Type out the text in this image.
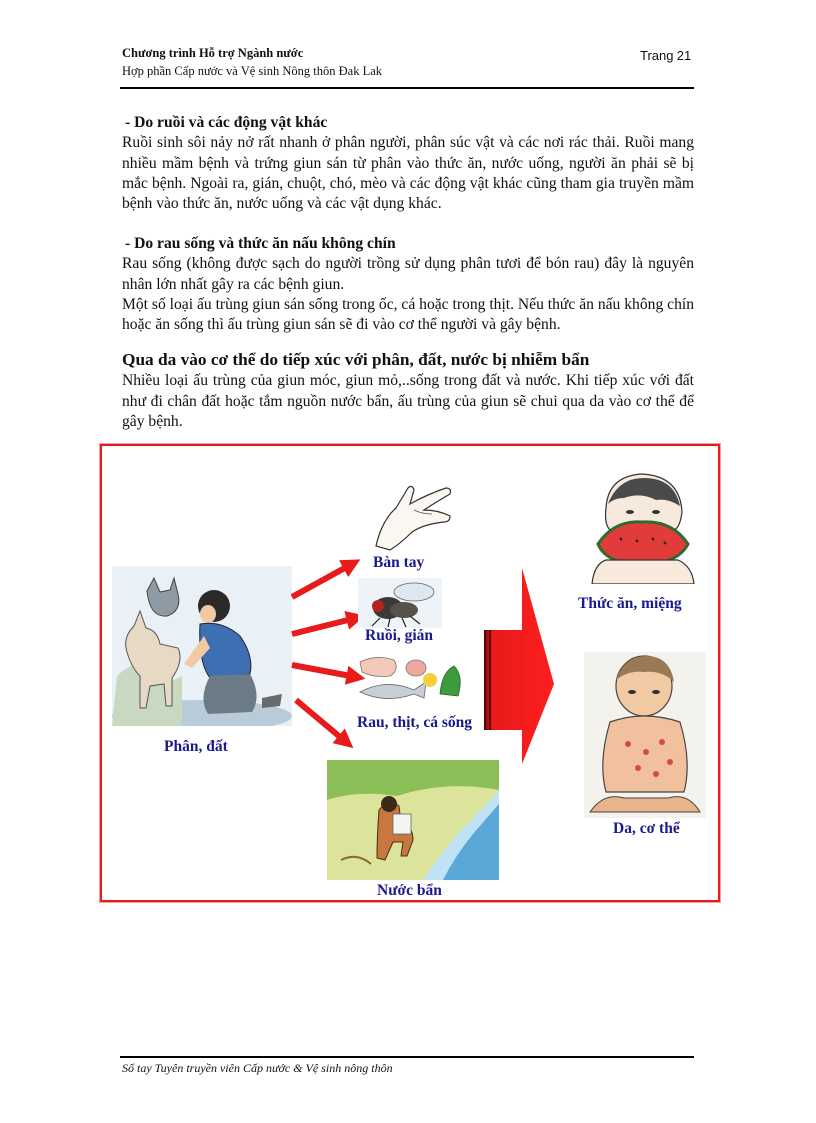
Chương trình Hỗ trợ Ngành nước
Hợp phần Cấp nước và Vệ sinh Nông thôn Đak Lak
Trang 21
- Do ruồi và các động vật khác

Ruồi sinh sôi nảy nở rất nhanh ở phân người, phân súc vật và các nơi rác thải. Ruồi mang nhiều mầm bệnh và trứng giun sán từ phân vào thức ăn, nước uống, người ăn phải sẽ bị mắc bệnh. Ngoài ra, gián, chuột, chó, mèo và các động vật khác cũng tham gia truyền mầm bệnh vào thức ăn, nước uống và các vật dụng khác.

- Do rau sống và thức ăn nấu không chín

Rau sống (không được sạch do người trồng sử dụng phân tươi để bón rau) đây là nguyên nhân lớn nhất gây ra các bệnh giun.

Một số loại ấu trùng giun sán sống trong ốc, cá hoặc trong thịt. Nếu thức ăn nấu không chín hoặc ăn sống thì ấu trùng giun sán sẽ đi vào cơ thể người và gây bệnh.

Qua da vào cơ thể do tiếp xúc với phân, đất, nước bị nhiễm bẩn

Nhiều loại ấu trùng của giun móc, giun mỏ,..sống trong đất và nước. Khi tiếp xúc với đất như đi chân đất hoặc tắm nguồn nước bẩn, ấu trùng của giun sẽ chui qua da vào cơ thể để gây bệnh.

Phân, đất
Bàn tay
Ruồi, gián
Rau, thịt, cá sống
Nước bẩn
Thức ăn, miệng
Da, cơ thể
Sổ tay Tuyên truyền viên Cấp nước & Vệ sinh nông thôn
